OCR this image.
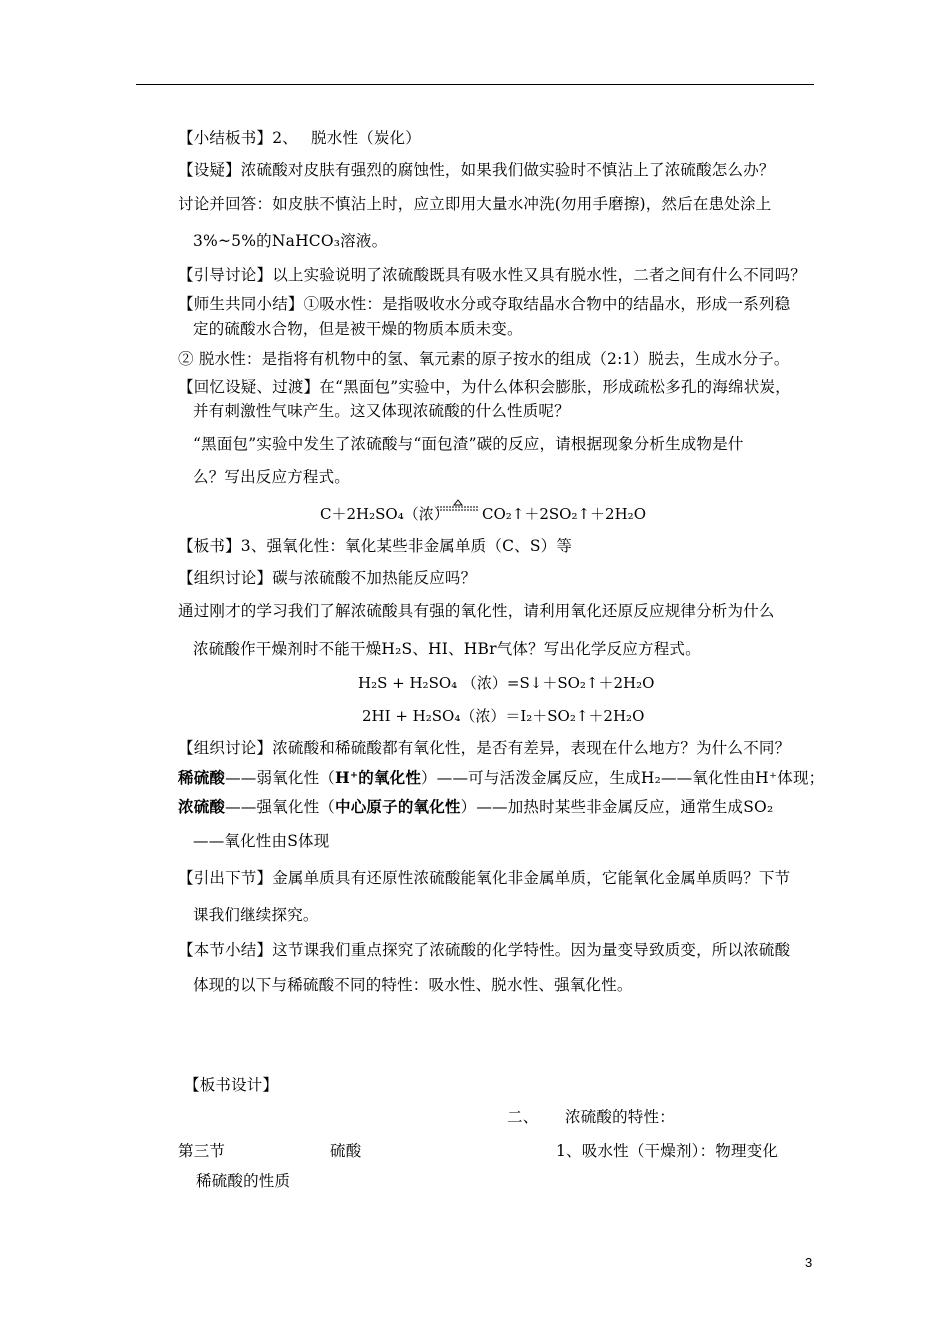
【小结板书】2、　 脱水性（炭化）
【设疑】浓硫酸对皮肤有强烈的腐蚀性，如果我们做实验时不慎沾上了浓硫酸怎么办？
讨论并回答：如皮肤不慎沾上时，应立即用大量水冲洗(勿用手磨擦)，然后在患处涂上
3%~5%的NaHCO₃溶液。
【引导讨论】以上实验说明了浓硫酸既具有吸水性又具有脱水性，二者之间有什么不同吗？
【师生共同小结】①吸水性：是指吸收水分或夺取结晶水合物中的结晶水，形成一系列稳
定的硫酸水合物，但是被干燥的物质本质未变。
② 脱水性：是指将有机物中的氢、氧元素的原子按水的组成（2:1）脱去，生成水分子。
【回忆设疑、过渡】在“黑面包”实验中，为什么体积会膨胀，形成疏松多孔的海绵状炭，
并有刺激性气味产生。这又体现浓硫酸的什么性质呢？
“黑面包”实验中发生了浓硫酸与“面包渣”碳的反应，请根据现象分析生成物是什
么？写出反应方程式。
C＋2H₂SO₄（浓） CO₂↑＋2SO₂↑＋2H₂O
【板书】3、强氧化性：氧化某些非金属单质（C、S）等
【组织讨论】碳与浓硫酸不加热能反应吗？
通过刚才的学习我们了解浓硫酸具有强的氧化性，请利用氧化还原反应规律分析为什么
浓硫酸作干燥剂时不能干燥H₂S、HI、HBr气体？写出化学反应方程式。
H₂S + H₂SO₄ （浓）=S↓＋SO₂↑＋2H₂O
2HI + H₂SO₄（浓）＝I₂＋SO₂↑＋2H₂O
【组织讨论】浓硫酸和稀硫酸都有氧化性，是否有差异，表现在什么地方？为什么不同？
稀硫酸——弱氧化性（H⁺的氧化性）——可与活泼金属反应，生成H₂——氧化性由H⁺体现；
浓硫酸——强氧化性（中心原子的氧化性）——加热时某些非金属反应，通常生成SO₂
——氧化性由S体现
【引出下节】金属单质具有还原性浓硫酸能氧化非金属单质，它能氧化金属单质吗？下节
课我们继续探究。
【本节小结】这节课我们重点探究了浓硫酸的化学特性。因为量变导致质变，所以浓硫酸
体现的以下与稀硫酸不同的特性：吸水性、脱水性、强氧化性。
【板书设计】
二、 浓硫酸的特性：
第三节	硫酸	1、吸水性（干燥剂）：物理变化
稀硫酸的性质
3
